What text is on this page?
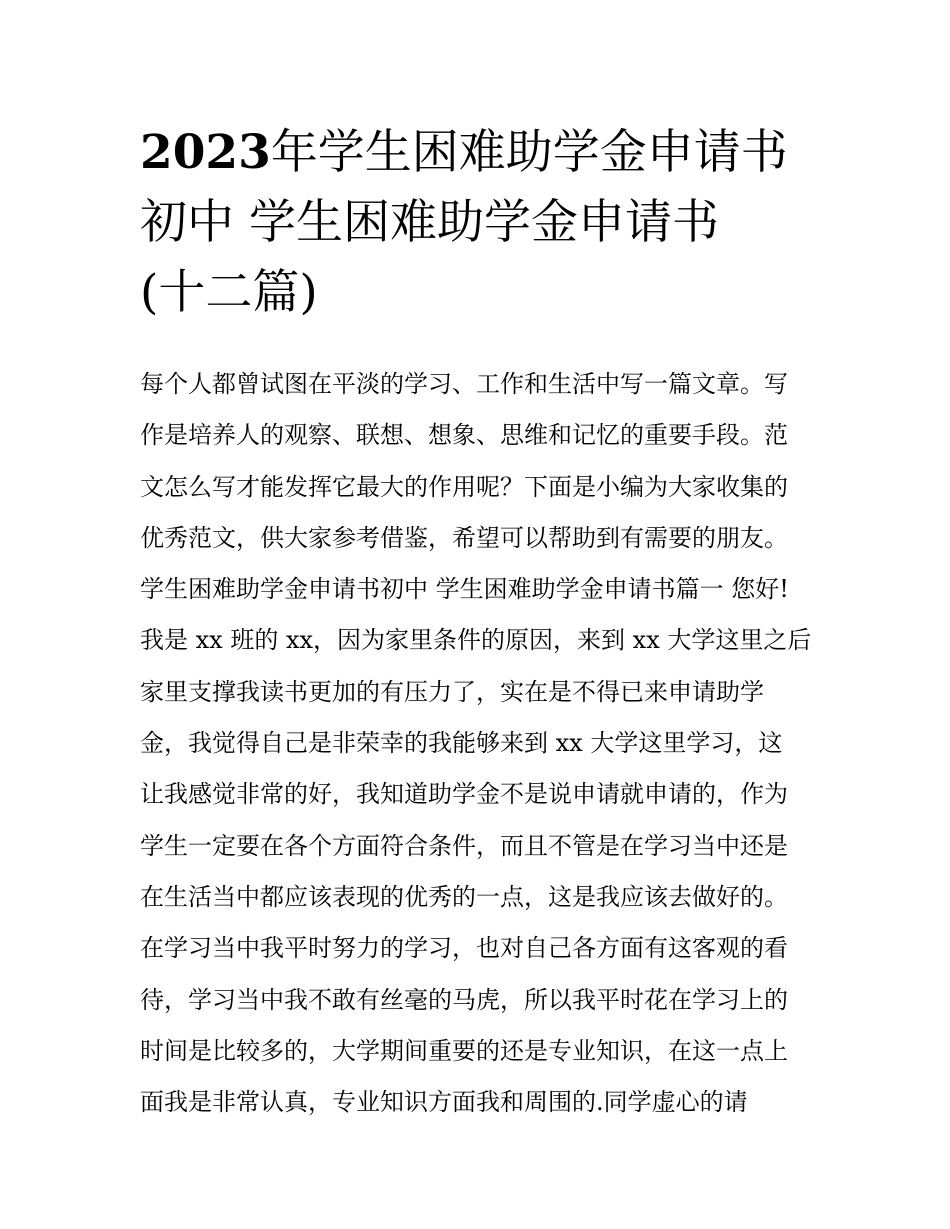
2023年学生困难助学金申请书
初中 学生困难助学金申请书
(十二篇)
每个人都曾试图在平淡的学习、工作和生活中写一篇文章。写
作是培养人的观察、联想、想象、思维和记忆的重要手段。范
文怎么写才能发挥它最大的作用呢？下面是小编为大家收集的
优秀范文，供大家参考借鉴，希望可以帮助到有需要的朋友。
学生困难助学金申请书初中 学生困难助学金申请书篇一 您好!
我是 xx 班的 xx，因为家里条件的原因，来到 xx 大学这里之后
家里支撑我读书更加的有压力了，实在是不得已来申请助学
金，我觉得自己是非荣幸的我能够来到 xx 大学这里学习，这
让我感觉非常的好，我知道助学金不是说申请就申请的，作为
学生一定要在各个方面符合条件，而且不管是在学习当中还是
在生活当中都应该表现的优秀的一点，这是我应该去做好的。
在学习当中我平时努力的学习，也对自己各方面有这客观的看
待，学习当中我不敢有丝毫的马虎，所以我平时花在学习上的
时间是比较多的，大学期间重要的还是专业知识，在这一点上
面我是非常认真，专业知识方面我和周围的.同学虚心的请
